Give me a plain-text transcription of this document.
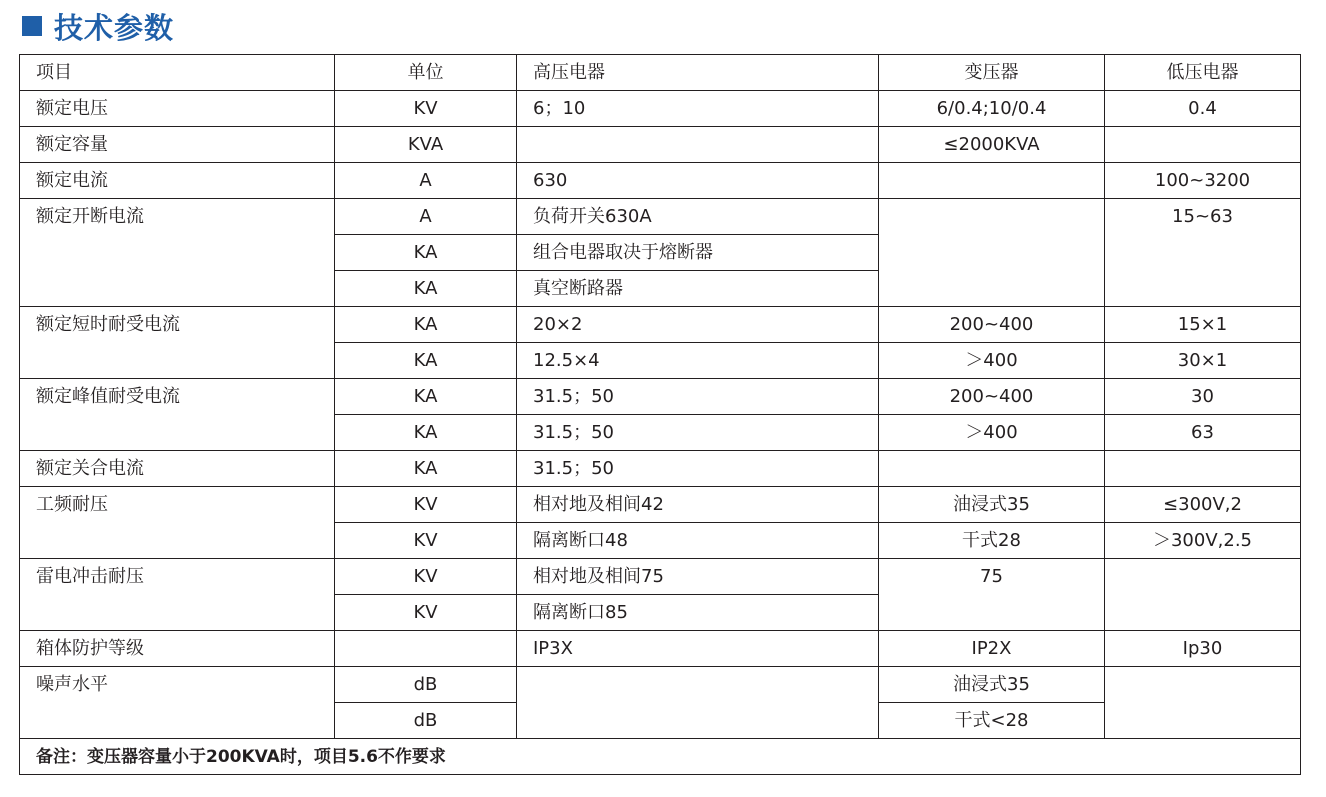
技术参数
项目	单位	高压电器	变压器	低压电器
额定电压	KV	6；10	6/0.4;10/0.4	0.4
额定容量	KVA		≤2000KVA	
额定电流	A	630		100~3200
额定开断电流	A	负荷开关630A		15~63
	KA	组合电器取决于熔断器		
	KA	真空断路器		
额定短时耐受电流	KA	20×2	200~400	15×1
	KA	12.5×4	＞400	30×1
额定峰值耐受电流	KA	31.5；50	200~400	30
	KA	31.5；50	＞400	63
额定关合电流	KA	31.5；50		
工频耐压	KV	相对地及相间42	油浸式35	≤300V,2
	KV	隔离断口48	干式28	＞300V,2.5
雷电冲击耐压	KV	相对地及相间75	75	
	KV	隔离断口85		
箱体防护等级		IP3X	IP2X	Ip30
噪声水平	dB		油浸式35	
	dB		干式<28	
备注：变压器容量小于200KVA时，项目5.6不作要求				
